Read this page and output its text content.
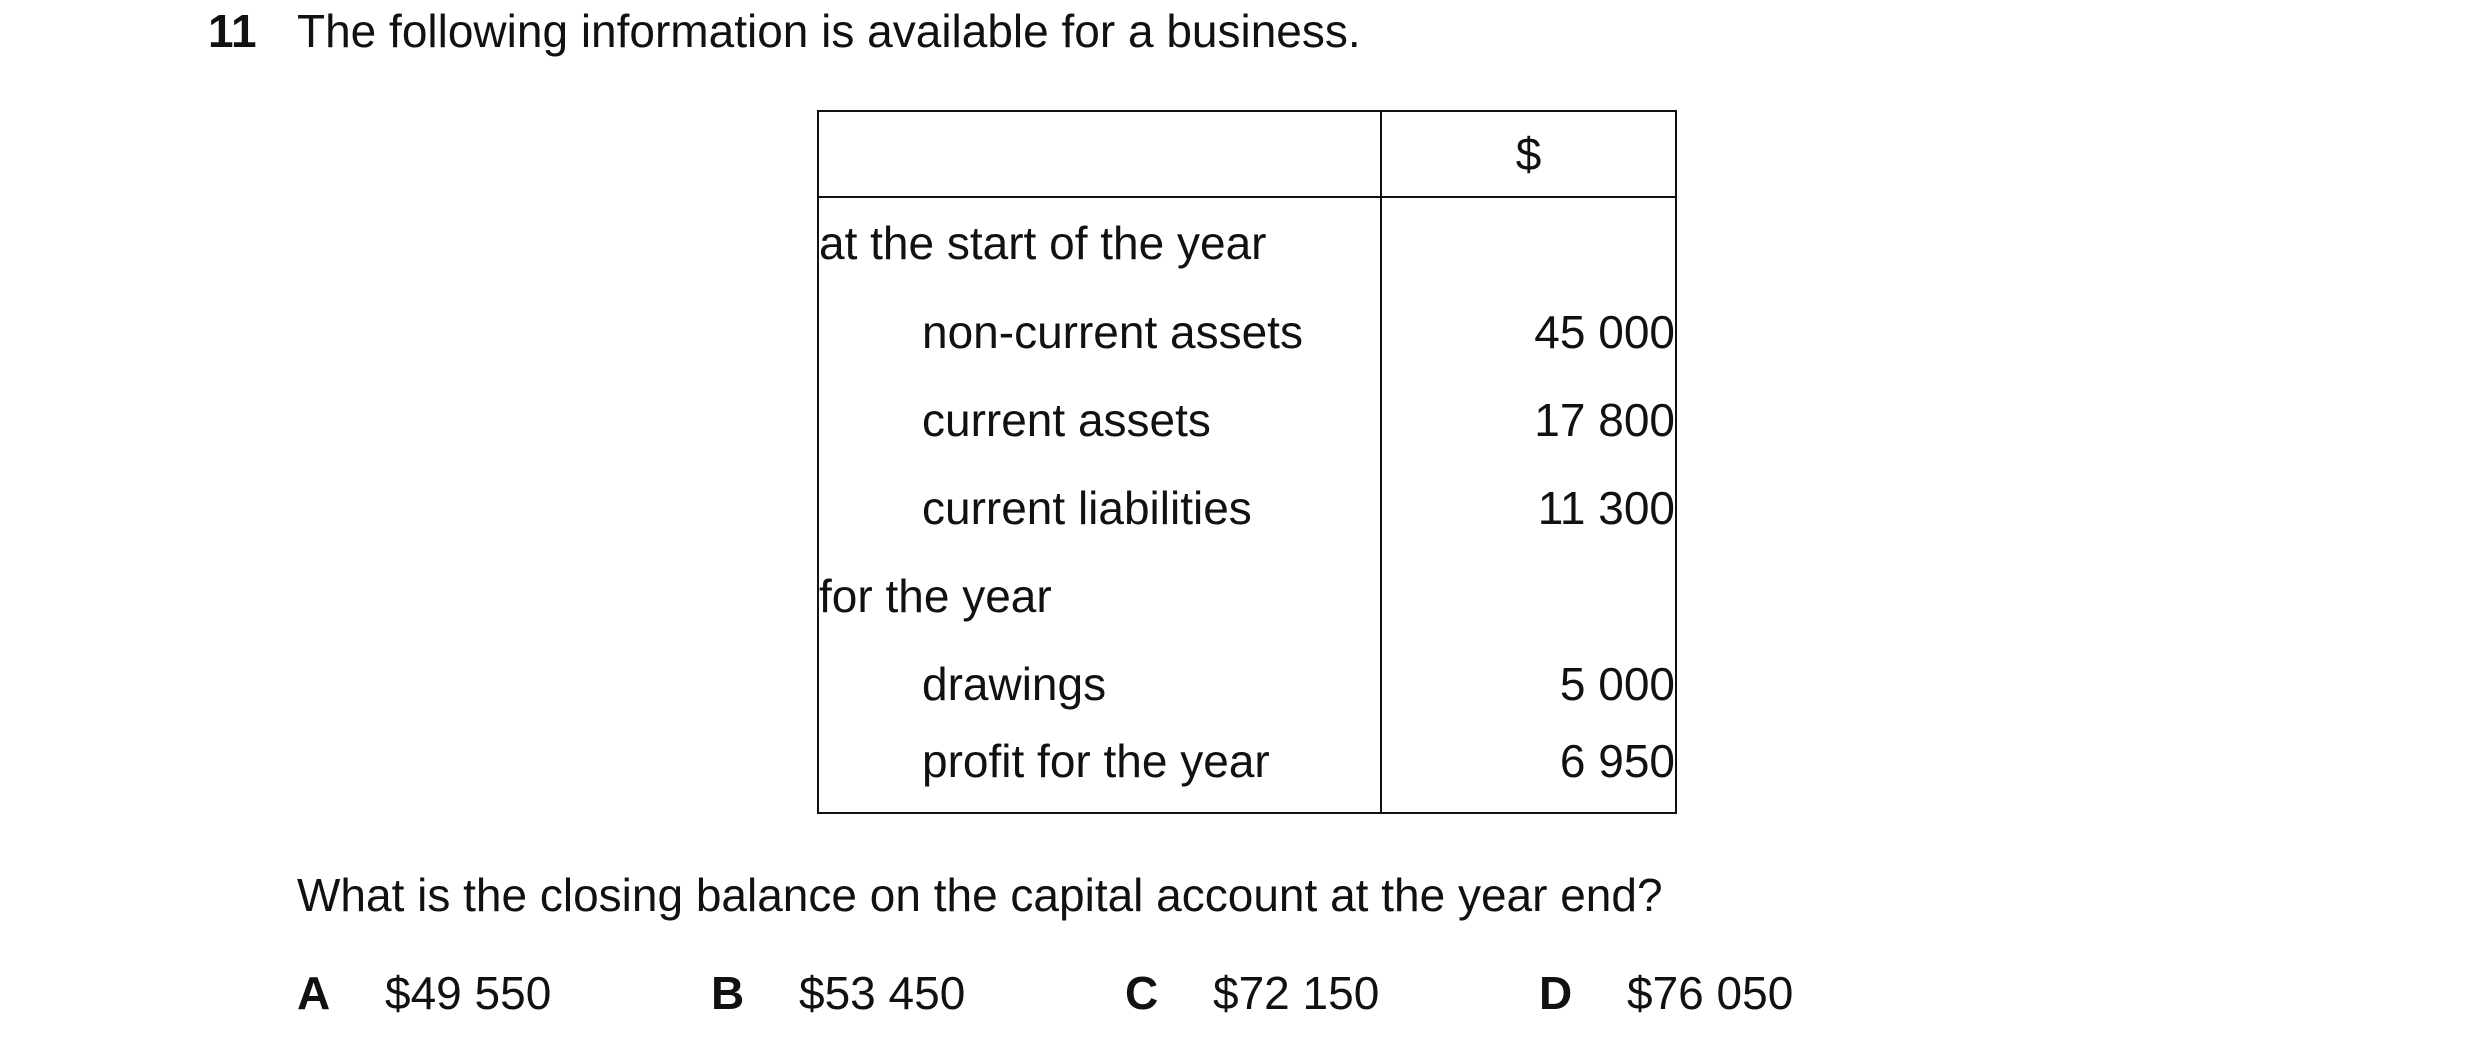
11 The following information is available for a business.
	$
at the start of the year	
non-current assets	45 000
current assets	17 800
current liabilities	11 300
for the year	
drawings	5 000
profit for the year	6 950
What is the closing balance on the capital account at the year end?
A $49 550	B $53 450	C $72 150	D $76 050
